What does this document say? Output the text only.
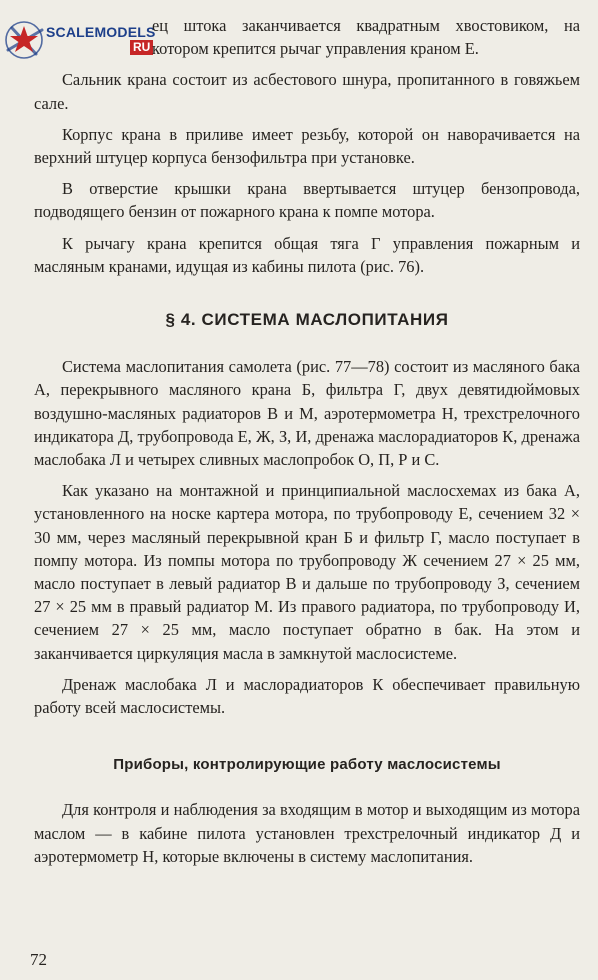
SCALEMODELS
RU

ец штока заканчивается квадратным хвостовиком, на котором крепится рычаг управления краном Е.

Сальник крана состоит из асбестового шнура, пропитанного в говяжьем сале.

Корпус крана в приливе имеет резьбу, которой он наворачивается на верхний штуцер корпуса бензофильтра при установке.

В отверстие крышки крана ввертывается штуцер бензопровода, подводящего бензин от пожарного крана к помпе мотора.

К рычагу крана крепится общая тяга Г управления пожарным и масляным кранами, идущая из кабины пилота (рис. 76).

§ 4. СИСТЕМА МАСЛОПИТАНИЯ

Система маслопитания самолета (рис. 77—78) состоит из масляного бака А, перекрывного масляного крана Б, фильтра Г, двух девятидюймовых воздушно-масляных радиаторов В и М, аэротермометра Н, трехстрелочного индикатора Д, трубопровода Е, Ж, З, И, дренажа маслорадиаторов К, дренажа маслобака Л и четырех сливных маслопробок О, П, Р и С.

Как указано на монтажной и принципиальной маслосхемах из бака А, установленного на носке картера мотора, по трубопроводу Е, сечением 32 × 30 мм, через масляный перекрывной кран Б и фильтр Г, масло поступает в помпу мотора. Из помпы мотора по трубопроводу Ж сечением 27 × 25 мм, масло поступает в левый радиатор В и дальше по трубопроводу З, сечением 27 × 25 мм в правый радиатор М. Из правого радиатора, по трубопроводу И, сечением 27 × 25 мм, масло поступает обратно в бак. На этом и заканчивается циркуляция масла в замкнутой маслосистеме.

Дренаж маслобака Л и маслорадиаторов К обеспечивает правильную работу всей маслосистемы.

Приборы, контролирующие работу маслосистемы

Для контроля и наблюдения за входящим в мотор и выходящим из мотора маслом — в кабине пилота установлен трехстрелочный индикатор Д и аэротермометр Н, которые включены в систему маслопитания.

72
